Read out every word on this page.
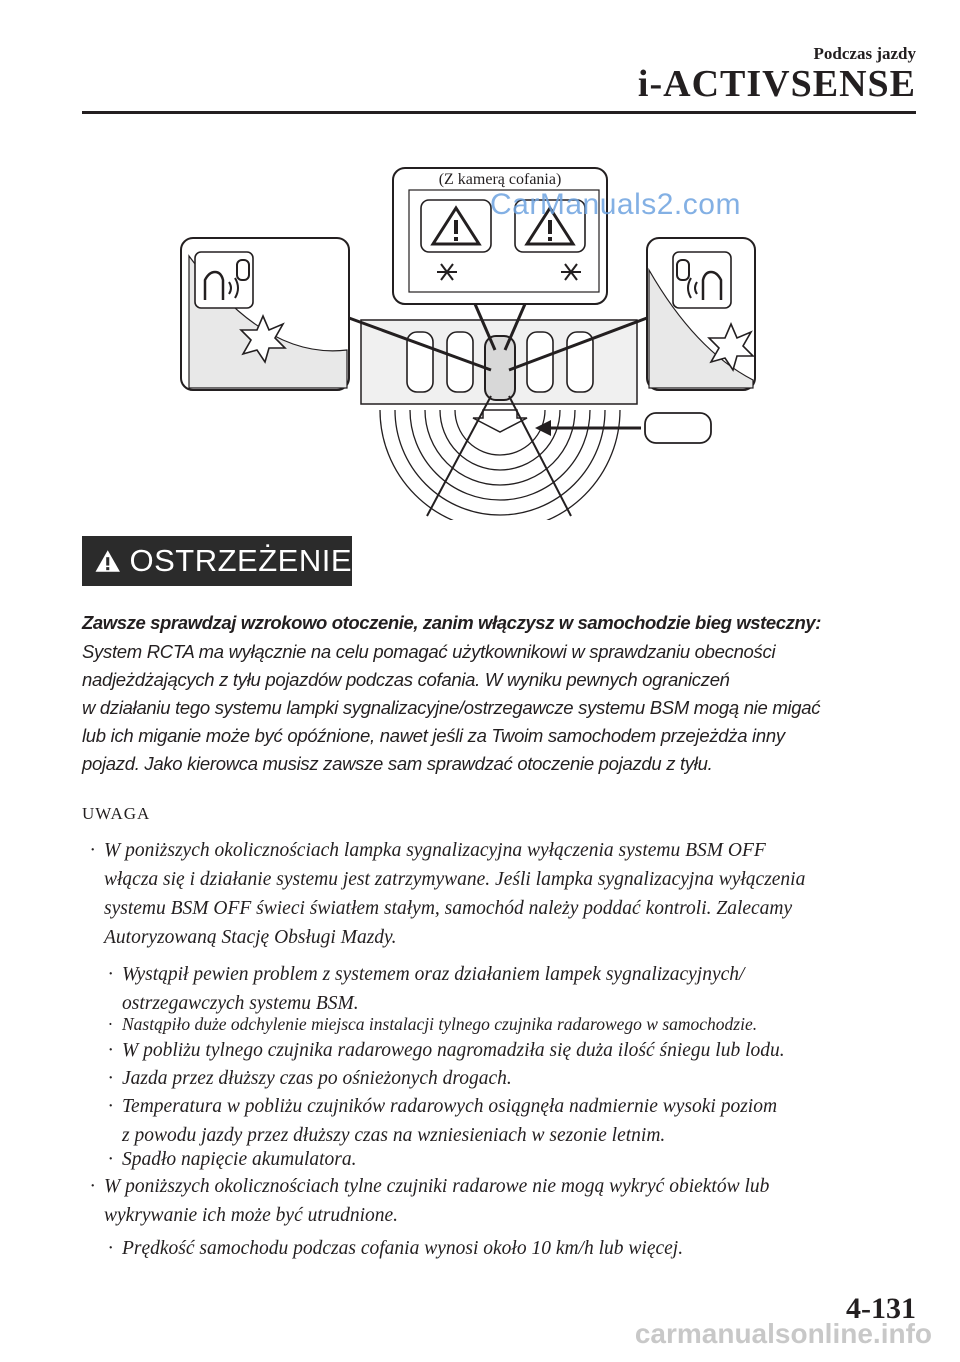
Podczas jazdy
i-ACTIVSENSE
(Z kamerą cofania)
CarManuals2.com
OSTRZEŻENIE
Zawsze sprawdzaj wzrokowo otoczenie, zanim włączysz w samochodzie bieg wsteczny:
System RCTA ma wyłącznie na celu pomagać użytkownikowi w sprawdzaniu obecności
nadjeżdżających z tyłu pojazdów podczas cofania. W wyniku pewnych ograniczeń
w działaniu tego systemu lampki sygnalizacyjne/ostrzegawcze systemu BSM mogą nie migać
lub ich miganie może być opóźnione, nawet jeśli za Twoim samochodem przejeżdża inny
pojazd. Jako kierowca musisz zawsze sam sprawdzać otoczenie pojazdu z tyłu.
UWAGA
· W poniższych okolicznościach lampka sygnalizacyjna wyłączenia systemu BSM OFF
włącza się i działanie systemu jest zatrzymywane. Jeśli lampka sygnalizacyjna wyłączenia
systemu BSM OFF świeci światłem stałym, samochód należy poddać kontroli. Zalecamy
Autoryzowaną Stację Obsługi Mazdy.
· Wystąpił pewien problem z systemem oraz działaniem lampek sygnalizacyjnych/
ostrzegawczych systemu BSM.
· Nastąpiło duże odchylenie miejsca instalacji tylnego czujnika radarowego w samochodzie.
· W pobliżu tylnego czujnika radarowego nagromadziła się duża ilość śniegu lub lodu.
· Jazda przez dłuższy czas po ośnieżonych drogach.
· Temperatura w pobliżu czujników radarowych osiągnęła nadmiernie wysoki poziom
z powodu jazdy przez dłuższy czas na wzniesieniach w sezonie letnim.
· Spadło napięcie akumulatora.
· W poniższych okolicznościach tylne czujniki radarowe nie mogą wykryć obiektów lub
wykrywanie ich może być utrudnione.
· Prędkość samochodu podczas cofania wynosi około 10 km/h lub więcej.
4-131
carmanualsonline.info
